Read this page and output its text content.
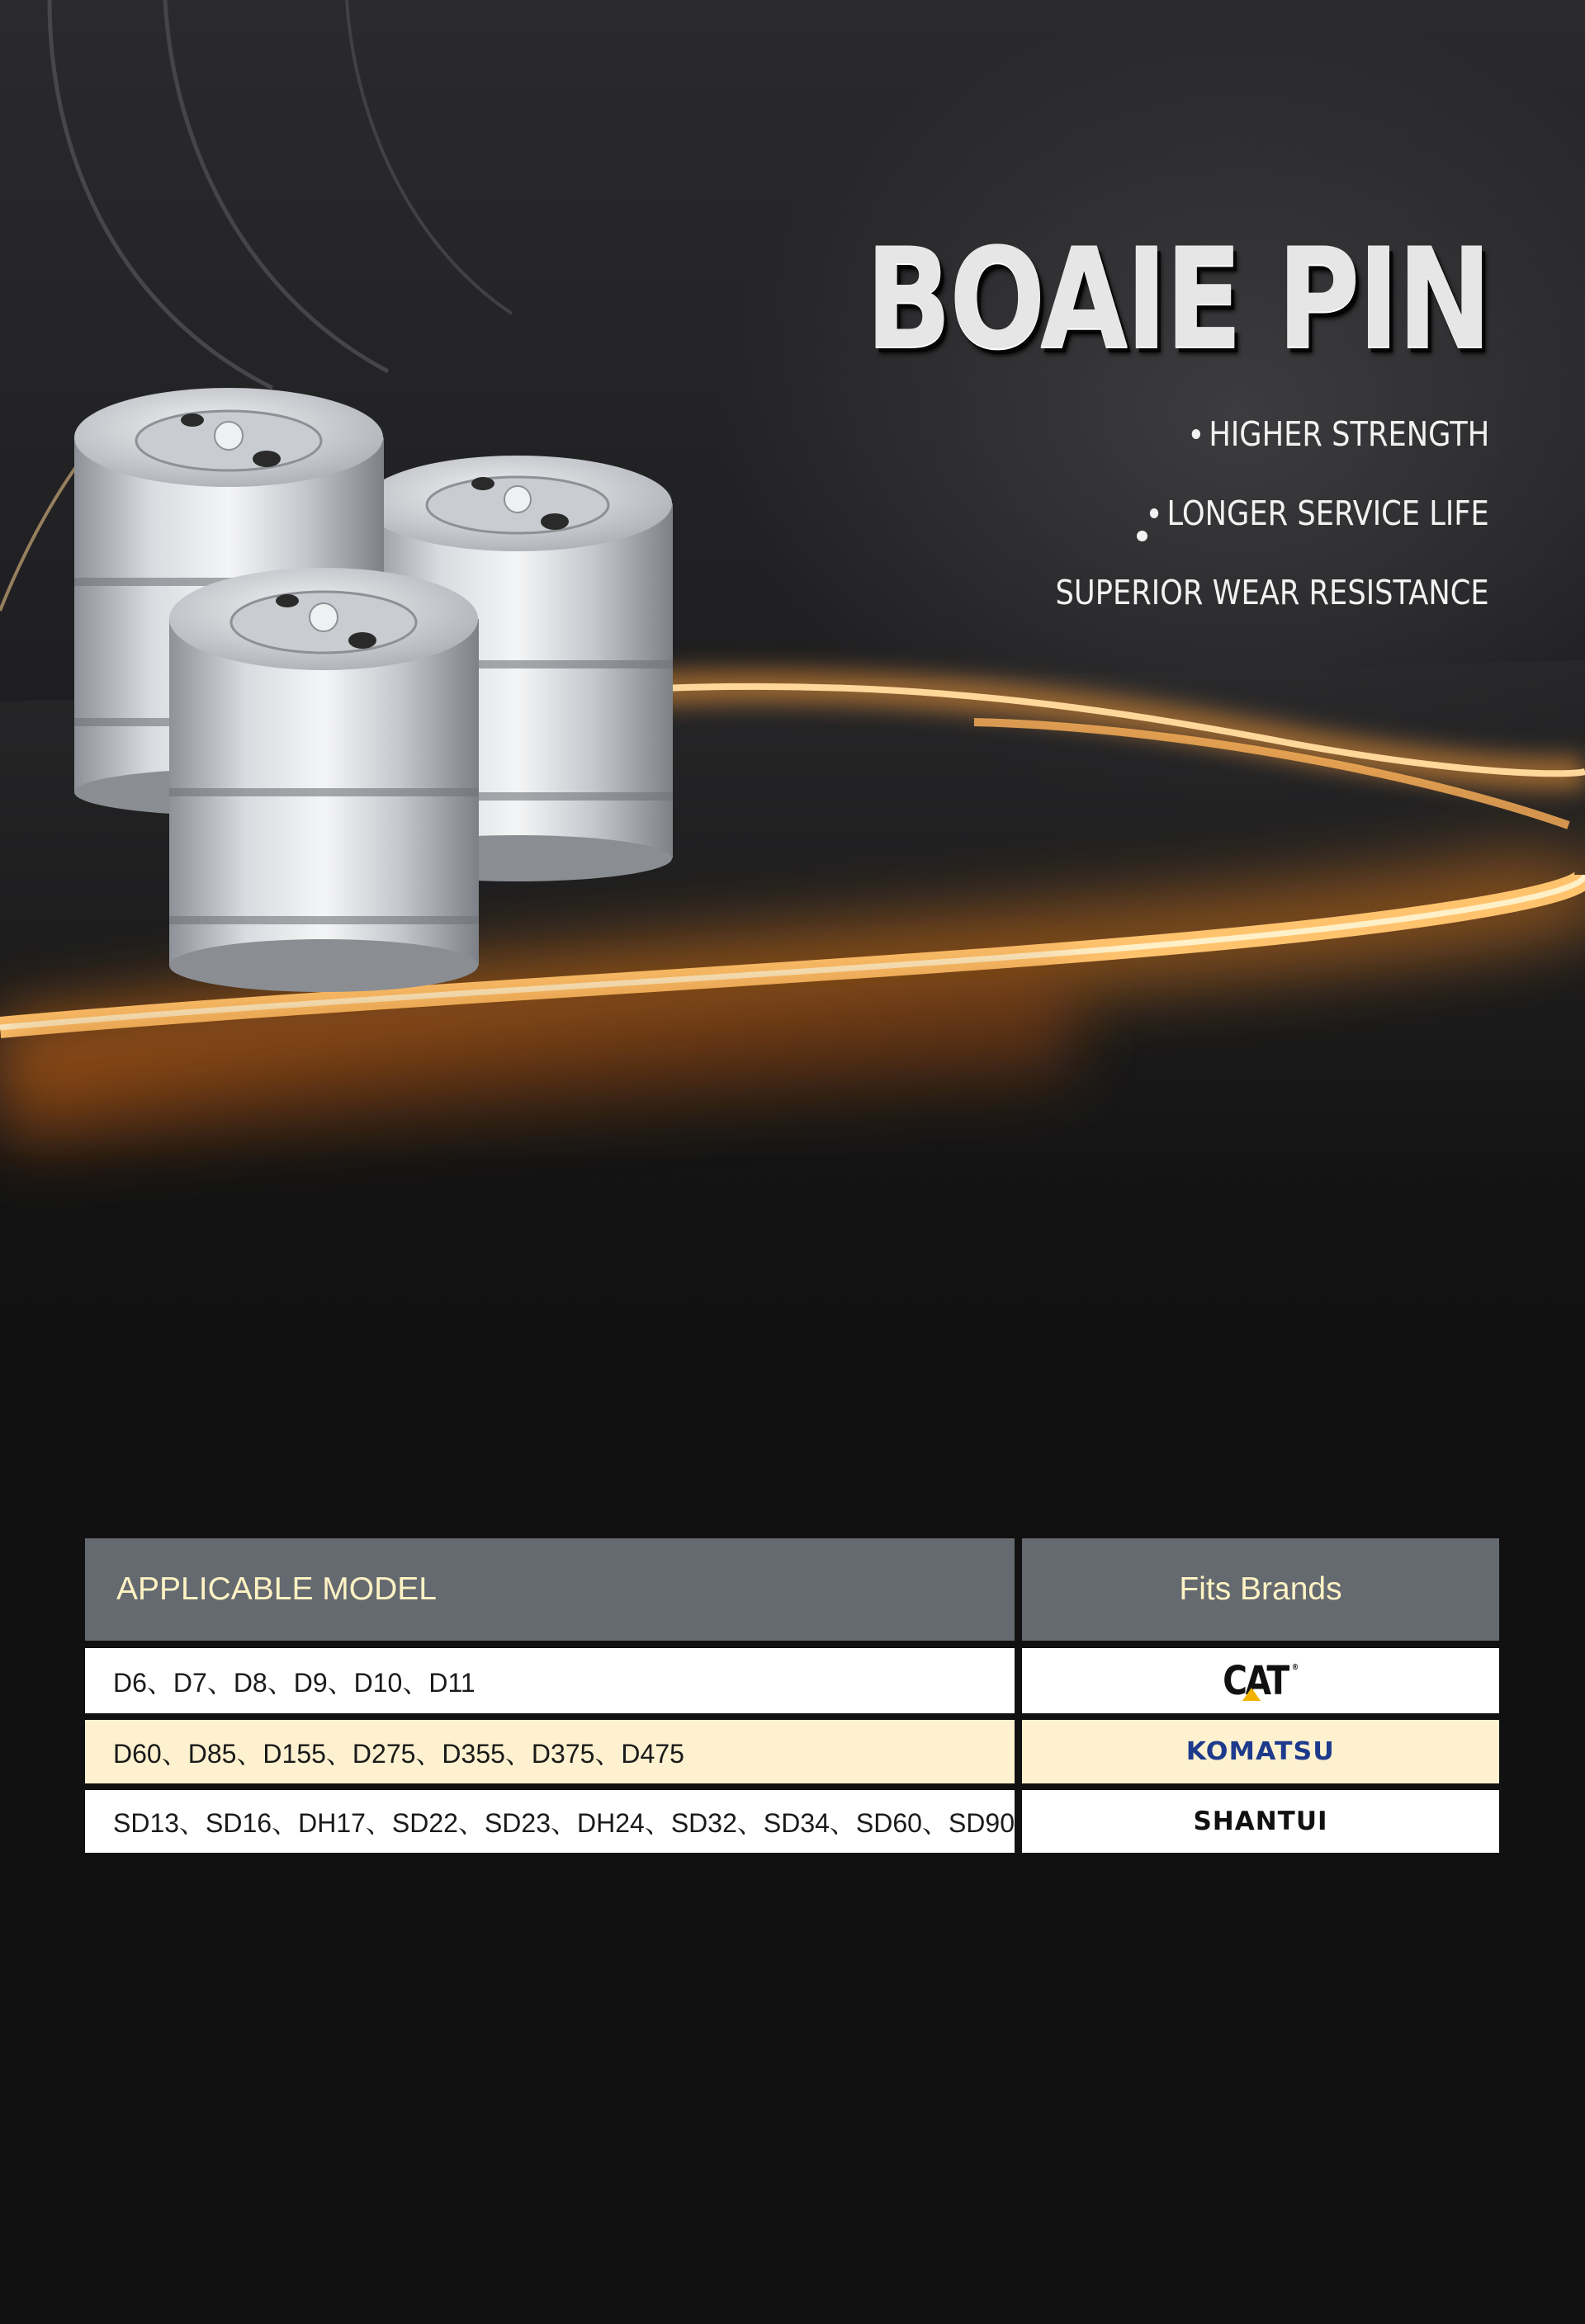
BOAIE PIN
HIGHER STRENGTH
LONGER SERVICE LIFE
SUPERIOR WEAR RESISTANCE
APPLICABLE MODEL	Fits Brands
D6、D7、D8、D9、D10、D11	CAT ®
D60、D85、D155、D275、D355、D375、D475	KOMATSU
SD13、SD16、DH17、SD22、SD23、DH24、SD32、SD34、SD60、SD90	SHANTUI
